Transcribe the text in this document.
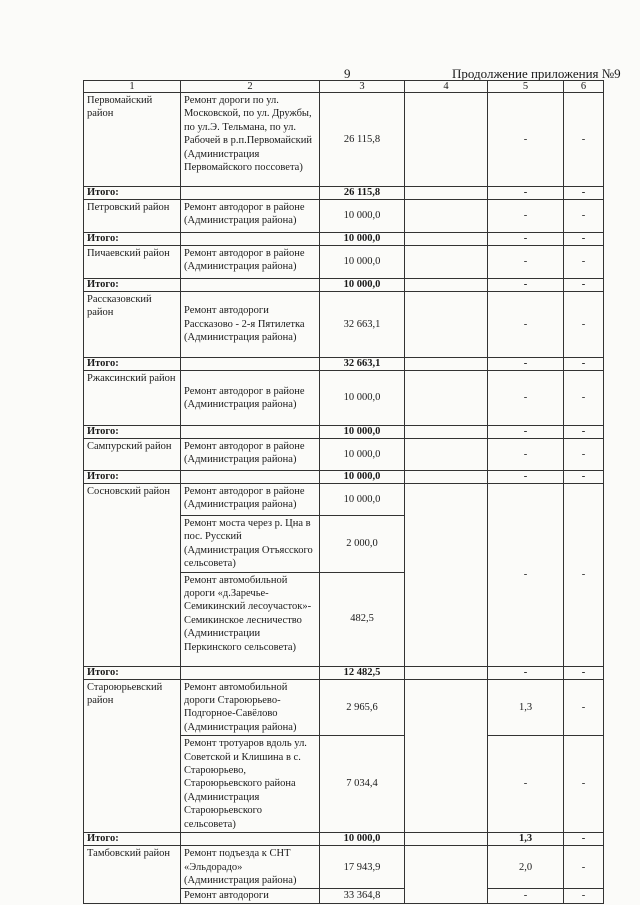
9	Продолжение приложения №9
1	2	3	4	5	6
Первомайский район	Ремонт дороги по ул. Московской, по ул. Дружбы, по ул.Э. Тельмана, по ул. Рабочей в р.п.Первомайский (Администрация Первомайского поссовета)	26 115,8		-	-
Итого:		26 115,8		-	-
Петровский район	Ремонт автодорог в районе (Администрация района)	10 000,0		-	-
Итого:		10 000,0		-	-
Пичаевский район	Ремонт автодорог в районе (Администрация района)	10 000,0		-	-
Итого:		10 000,0		-	-
Рассказовский район	Ремонт автодороги Рассказово - 2-я Пятилетка (Администрация района)	32 663,1		-	-
Итого:		32 663,1		-	-
Ржаксинский район	Ремонт автодорог в районе (Администрация района)	10 000,0		-	-
Итого:		10 000,0		-	-
Сампурский район	Ремонт автодорог в районе (Администрация района)	10 000,0		-	-
Итого:		10 000,0		-	-
Сосновский район	Ремонт автодорог в районе (Администрация района)	10 000,0		-	-
	Ремонт моста через р. Цна в пос. Русский (Администрация Отъясского сельсовета)	2 000,0			
	Ремонт автомобильной дороги «д.Заречье-Семикинский лесоучасток»-Семикинское лесничество (Администрации Перкинского сельсовета)	482,5			
Итого:		12 482,5		-	-
Староюрьевский район	Ремонт автомобильной дороги Староюрьево-Подгорное-Савёлово (Администрация района)	2 965,6		1,3	-
	Ремонт тротуаров вдоль ул. Советской и Клишина в с. Староюрьево, Староюрьевского района (Администрация Староюрьевского сельсовета)	7 034,4		-	-
Итого:		10 000,0		1,3	-
Тамбовский район	Ремонт подъезда к СНТ «Эльдорадо» (Администрация района)	17 943,9		2,0	-
	Ремонт автодороги	33 364,8		-	-
